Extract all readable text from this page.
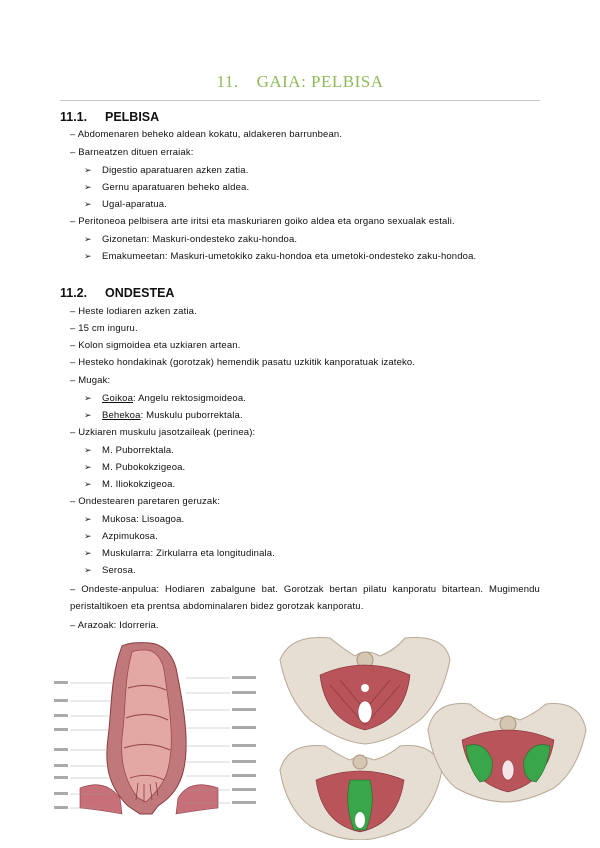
11. GAIA: PELBISA
11.1. PELBISA
– Abdomenaren beheko aldean kokatu, aldakeren barrunbean.
– Barneatzen dituen erraiak:
➢ Digestio aparatuaren azken zatia.
➢ Gernu aparatuaren beheko aldea.
➢ Ugal-aparatua.
– Peritoneoa pelbisera arte iritsi eta maskuriaren goiko aldea eta organo sexualak estali.
➢ Gizonetan: Maskuri-ondesteko zaku-hondoa.
➢ Emakumeetan: Maskuri-umetokiko zaku-hondoa eta umetoki-ondesteko zaku-hondoa.
11.2. ONDESTEA
– Heste lodiaren azken zatia.
– 15 cm inguru.
– Kolon sigmoidea eta uzkiaren artean.
– Hesteko hondakinak (gorotzak) hemendik pasatu uzkitik kanporatuak izateko.
– Mugak:
➢ Goikoa: Angelu rektosigmoideoa.
➢ Behekoa: Muskulu puborrektala.
– Uzkiaren muskulu jasotzaileak (perinea):
➢ M. Puborrektala.
➢ M. Pubokokzigeoa.
➢ M. Iliokokzigeoa.
– Ondestearen paretaren geruzak:
➢ Mukosa: Lisoagoa.
➢ Azpimukosa.
➢ Muskularra: Zirkularra eta longitudinala.
➢ Serosa.
– Ondeste-anpulua: Hodiaren zabalgune bat. Gorotzak bertan pilatu kanporatu bitartean. Mugimendu peristaltikoen eta prentsa abdominalaren bidez gorotzak kanporatu.
– Arazoak: Idorreria.
